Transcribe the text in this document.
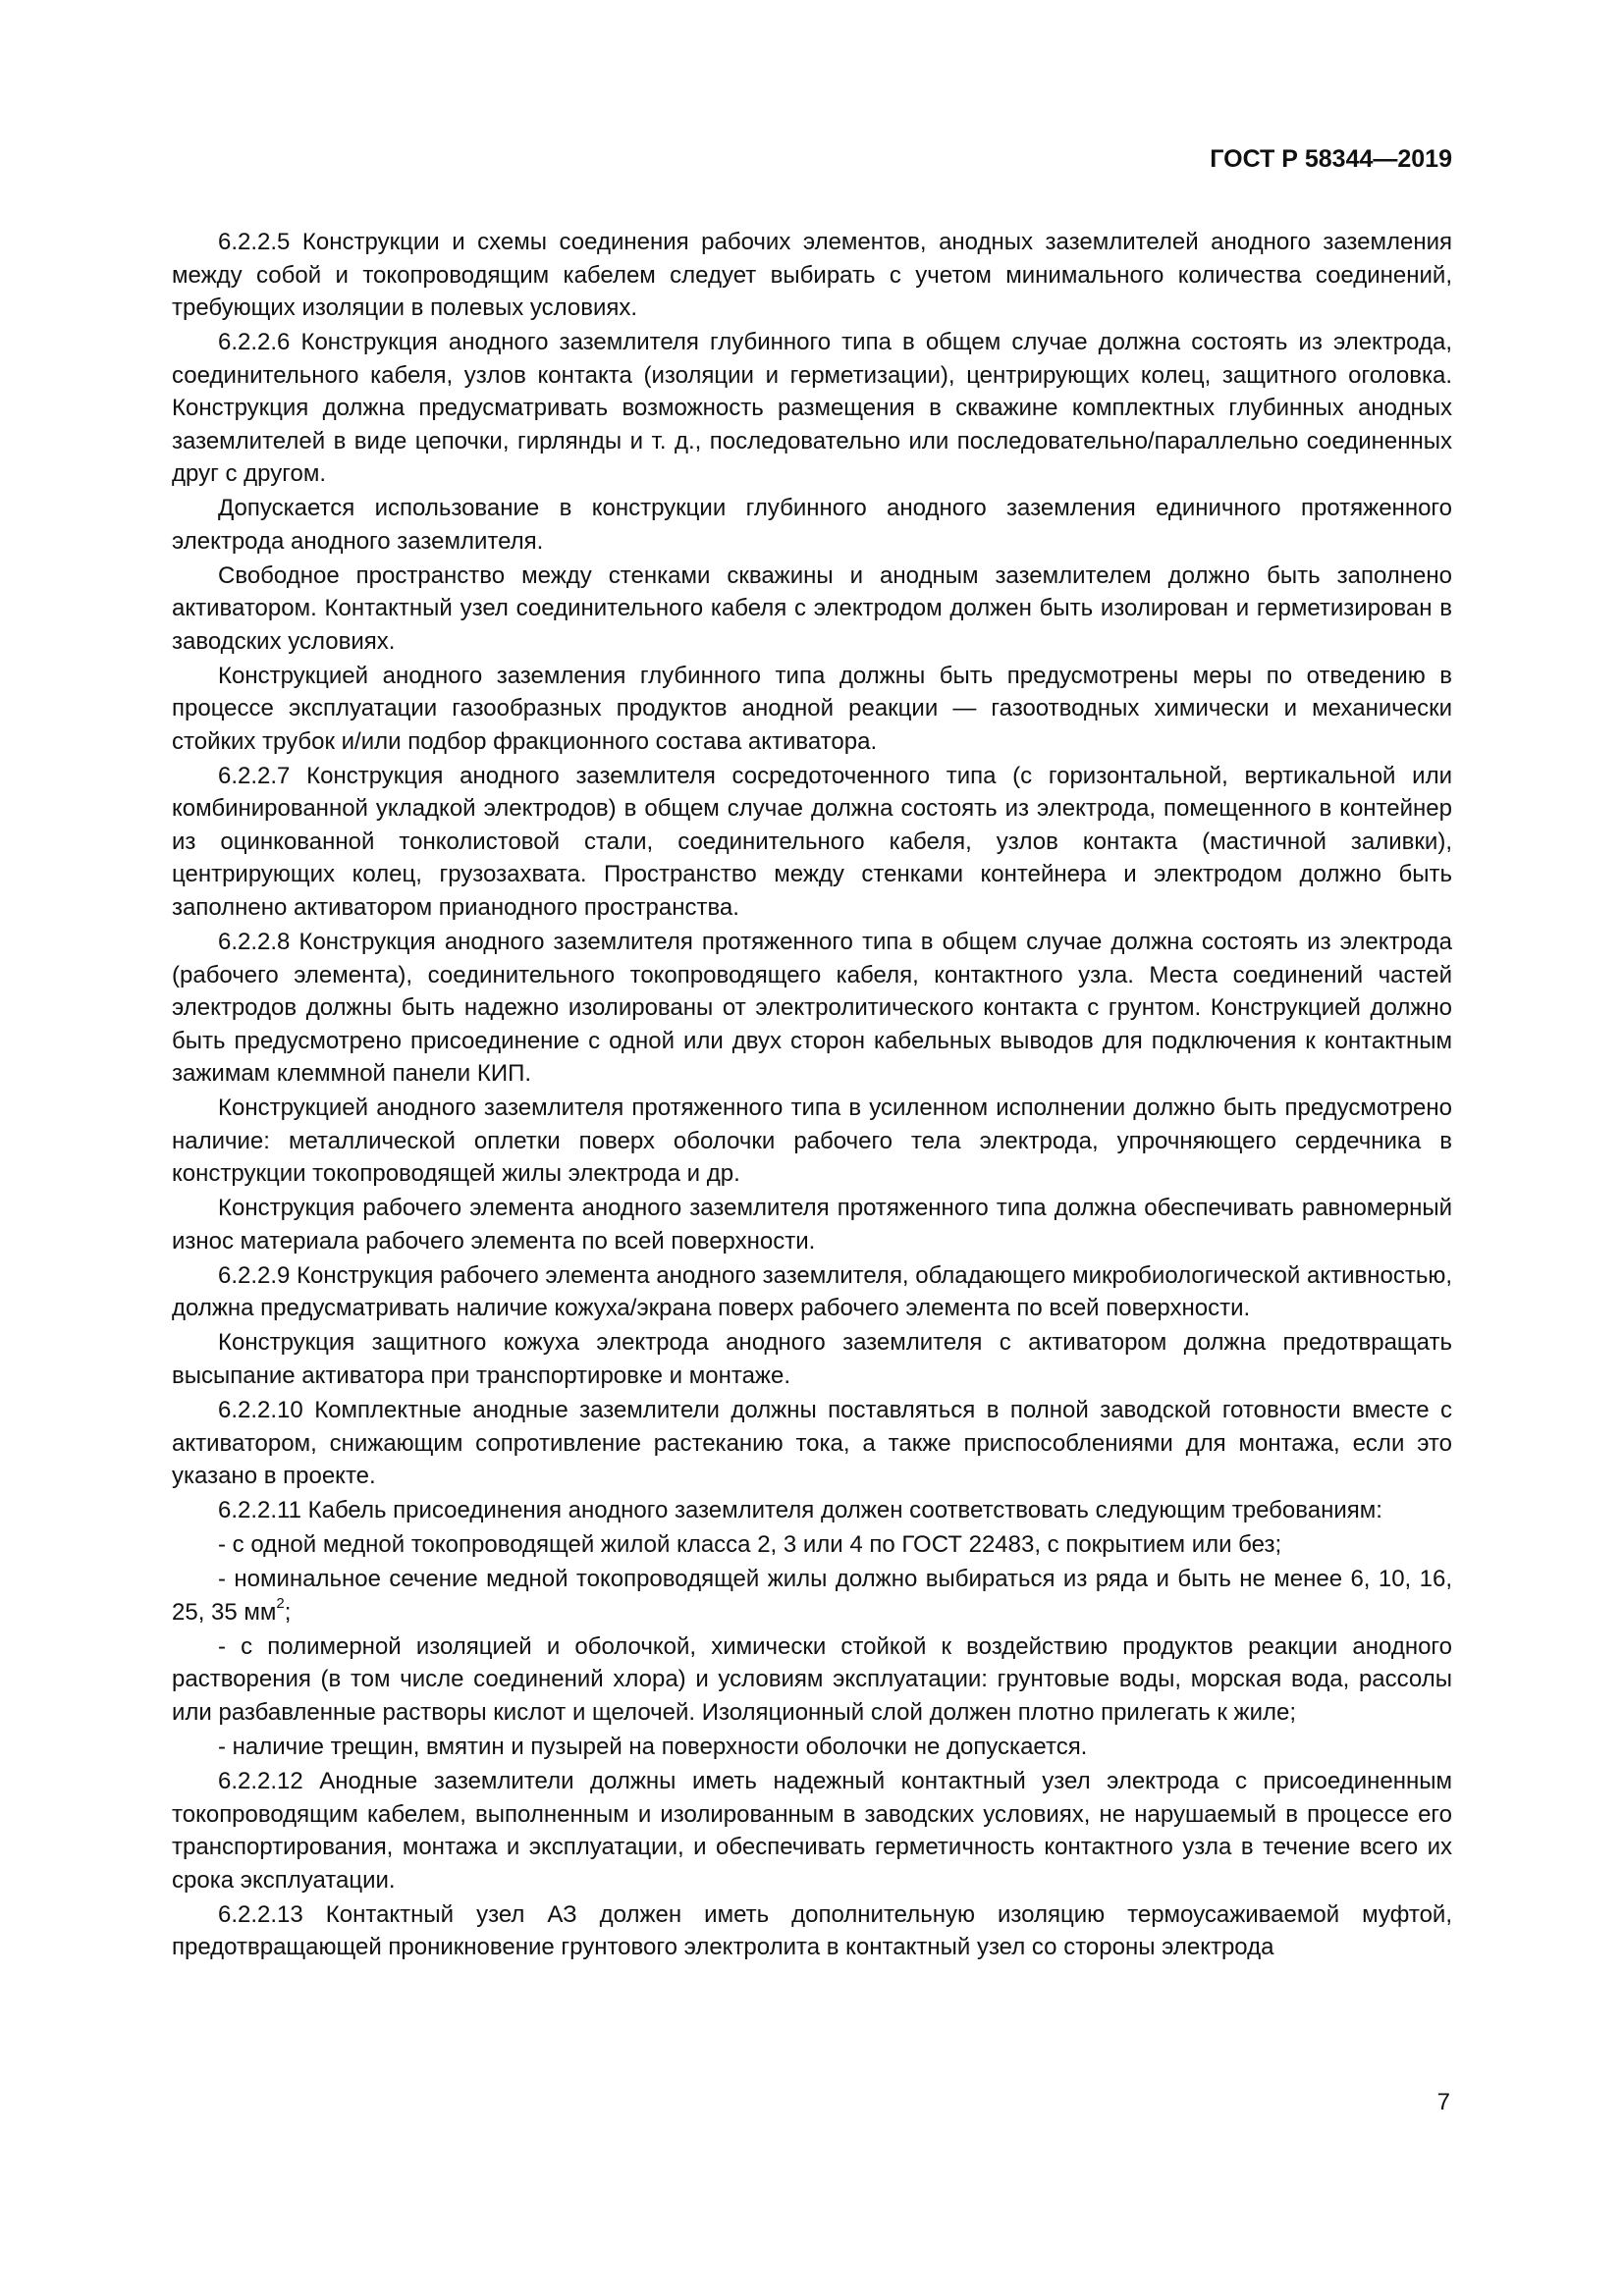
ГОСТ Р 58344—2019

6.2.2.5 Конструкции и схемы соединения рабочих элементов, анодных заземлителей анодного заземления между собой и токопроводящим кабелем следует выбирать с учетом минимального количества соединений, требующих изоляции в полевых условиях.

6.2.2.6 Конструкция анодного заземлителя глубинного типа в общем случае должна состоять из электрода, соединительного кабеля, узлов контакта (изоляции и герметизации), центрирующих колец, защитного оголовка. Конструкция должна предусматривать возможность размещения в скважине комплектных глубинных анодных заземлителей в виде цепочки, гирлянды и т. д., последовательно или последовательно/параллельно соединенных друг с другом.

Допускается использование в конструкции глубинного анодного заземления единичного протяженного электрода анодного заземлителя.

Свободное пространство между стенками скважины и анодным заземлителем должно быть заполнено активатором. Контактный узел соединительного кабеля с электродом должен быть изолирован и герметизирован в заводских условиях.

Конструкцией анодного заземления глубинного типа должны быть предусмотрены меры по отведению в процессе эксплуатации газообразных продуктов анодной реакции — газоотводных химически и механически стойких трубок и/или подбор фракционного состава активатора.

6.2.2.7 Конструкция анодного заземлителя сосредоточенного типа (с горизонтальной, вертикальной или комбинированной укладкой электродов) в общем случае должна состоять из электрода, помещенного в контейнер из оцинкованной тонколистовой стали, соединительного кабеля, узлов контакта (мастичной заливки), центрирующих колец, грузозахвата. Пространство между стенками контейнера и электродом должно быть заполнено активатором прианодного пространства.

6.2.2.8 Конструкция анодного заземлителя протяженного типа в общем случае должна состоять из электрода (рабочего элемента), соединительного токопроводящего кабеля, контактного узла. Места соединений частей электродов должны быть надежно изолированы от электролитического контакта с грунтом. Конструкцией должно быть предусмотрено присоединение с одной или двух сторон кабельных выводов для подключения к контактным зажимам клеммной панели КИП.

Конструкцией анодного заземлителя протяженного типа в усиленном исполнении должно быть предусмотрено наличие: металлической оплетки поверх оболочки рабочего тела электрода, упрочняющего сердечника в конструкции токопроводящей жилы электрода и др.

Конструкция рабочего элемента анодного заземлителя протяженного типа должна обеспечивать равномерный износ материала рабочего элемента по всей поверхности.

6.2.2.9 Конструкция рабочего элемента анодного заземлителя, обладающего микробиологической активностью, должна предусматривать наличие кожуха/экрана поверх рабочего элемента по всей поверхности.

Конструкция защитного кожуха электрода анодного заземлителя с активатором должна предотвращать высыпание активатора при транспортировке и монтаже.

6.2.2.10 Комплектные анодные заземлители должны поставляться в полной заводской готовности вместе с активатором, снижающим сопротивление растеканию тока, а также приспособлениями для монтажа, если это указано в проекте.

6.2.2.11 Кабель присоединения анодного заземлителя должен соответствовать следующим требованиям:

- с одной медной токопроводящей жилой класса 2, 3 или 4 по ГОСТ 22483, с покрытием или без;

- номинальное сечение медной токопроводящей жилы должно выбираться из ряда и быть не менее 6, 10, 16, 25, 35 $мм^2$;

- с полимерной изоляцией и оболочкой, химически стойкой к воздействию продуктов реакции анодного растворения (в том числе соединений хлора) и условиям эксплуатации: грунтовые воды, морская вода, рассолы или разбавленные растворы кислот и щелочей. Изоляционный слой должен плотно прилегать к жиле;

- наличие трещин, вмятин и пузырей на поверхности оболочки не допускается.

6.2.2.12 Анодные заземлители должны иметь надежный контактный узел электрода с присоединенным токопроводящим кабелем, выполненным и изолированным в заводских условиях, не нарушаемый в процессе его транспортирования, монтажа и эксплуатации, и обеспечивать герметичность контактного узла в течение всего их срока эксплуатации.

6.2.2.13 Контактный узел АЗ должен иметь дополнительную изоляцию термоусаживаемой муфтой, предотвращающей проникновение грунтового электролита в контактный узел со стороны электрода

7
